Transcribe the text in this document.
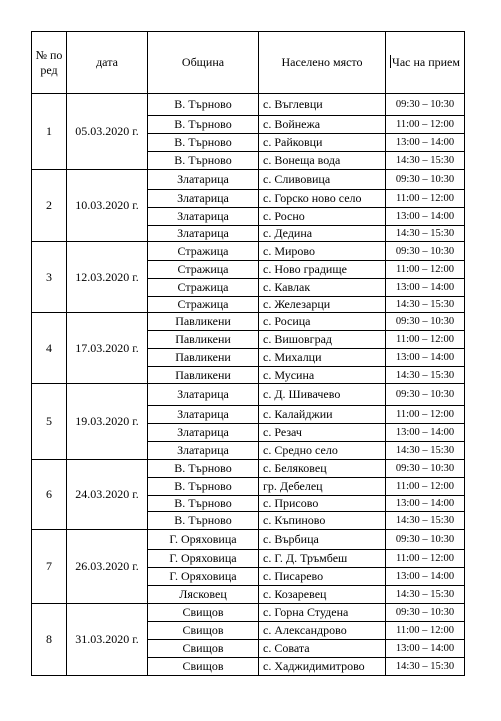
№ по ред	дата	Община	Населено място	Час на прием
1	05.03.2020 г.	В. Търново	с. Въглевци	09:30 – 10:30
		В. Търново	с. Войнежа	11:00 – 12:00
		В. Търново	с. Райковци	13:00 – 14:00
		В. Търново	с. Вонеща вода	14:30 – 15:30
2	10.03.2020 г.	Златарица	с. Сливовица	09:30 – 10:30
		Златарица	с. Горско ново село	11:00 – 12:00
		Златарица	с. Росно	13:00 – 14:00
		Златарица	с. Дедина	14:30 – 15:30
3	12.03.2020 г.	Стражица	с. Мирово	09:30 – 10:30
		Стражица	с. Ново градище	11:00 – 12:00
		Стражица	с. Кавлак	13:00 – 14:00
		Стражица	с. Железарци	14:30 – 15:30
4	17.03.2020 г.	Павликени	с. Росица	09:30 – 10:30
		Павликени	с. Вишовград	11:00 – 12:00
		Павликени	с. Михалци	13:00 – 14:00
		Павликени	с. Мусина	14:30 – 15:30
5	19.03.2020 г.	Златарица	с. Д. Шивачево	09:30 – 10:30
		Златарица	с. Калайджии	11:00 – 12:00
		Златарица	с. Резач	13:00 – 14:00
		Златарица	с. Средно село	14:30 – 15:30
6	24.03.2020 г.	В. Търново	с. Беляковец	09:30 – 10:30
		В. Търново	гр. Дебелец	11:00 – 12:00
		В. Търново	с. Присово	13:00 – 14:00
		В. Търново	с. Къпиново	14:30 – 15:30
7	26.03.2020 г.	Г. Оряховица	с. Върбица	09:30 – 10:30
		Г. Оряховица	с. Г. Д. Тръмбеш	11:00 – 12:00
		Г. Оряховица	с. Писарево	13:00 – 14:00
		Лясковец	с. Козаревец	14:30 – 15:30
8	31.03.2020 г.	Свищов	с. Горна Студена	09:30 – 10:30
		Свищов	с. Александрово	11:00 – 12:00
		Свищов	с. Совата	13:00 – 14:00
		Свищов	с. Хаджидимитрово	14:30 – 15:30
